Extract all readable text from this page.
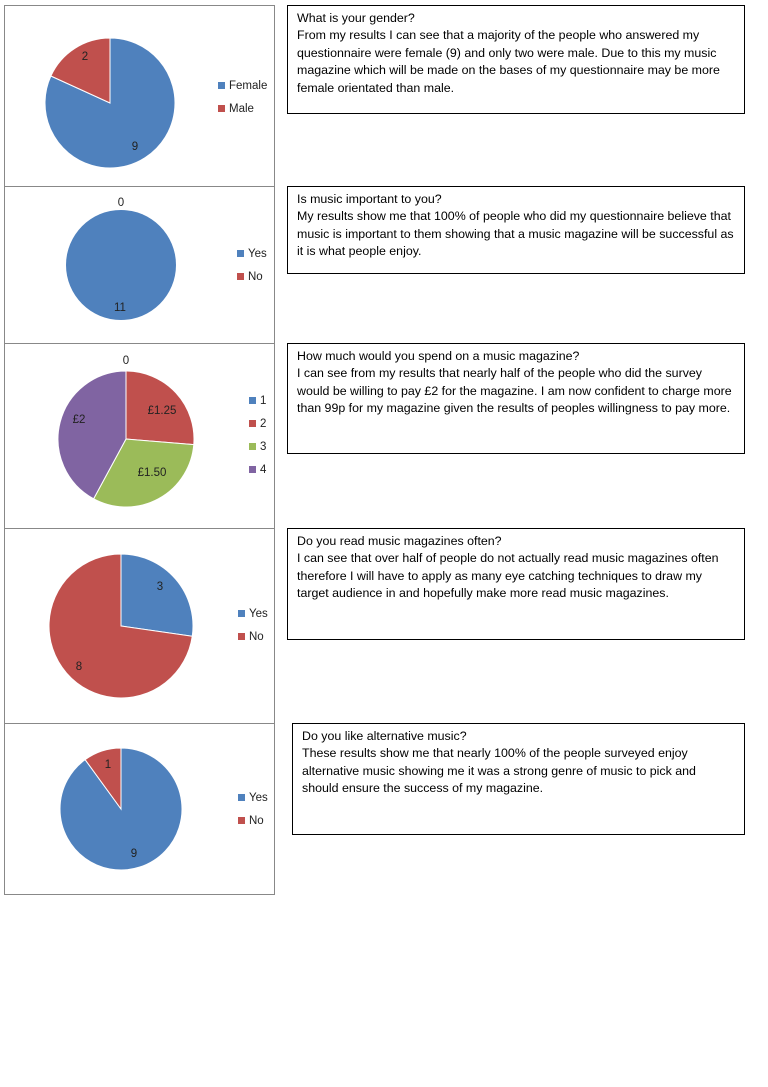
9
2
Female
Male

What is your gender?

From my results I can see that a majority of the people who answered my questionnaire were female (9) and only two were male. Due to this my music magazine which will be made on the bases of my questionnaire may be more female orientated than male.

11
0
Yes
No

Is music important to you?

My results show me that 100% of people who did my questionnaire believe that music is important to them showing that a music magazine will be successful as it is what people enjoy.

0
£1.25
£1.50
£2
1
2
3
4

How much would you spend on a music magazine?

I can see from my results that nearly half of the people who did the survey would be willing to pay £2 for the magazine. I am now confident to charge more than 99p for my magazine given the results of peoples willingness to pay more.

3
8
Yes
No

Do you read music magazines often?

I can see that over half of people do not actually read music magazines often therefore I will have to apply as many eye catching techniques to draw my target audience in and hopefully make more read music magazines.

9
1
Yes
No

Do you like alternative music?

These results show me that nearly 100% of the people surveyed enjoy alternative music showing me it was a strong genre of music to pick and should ensure the success of my magazine.
